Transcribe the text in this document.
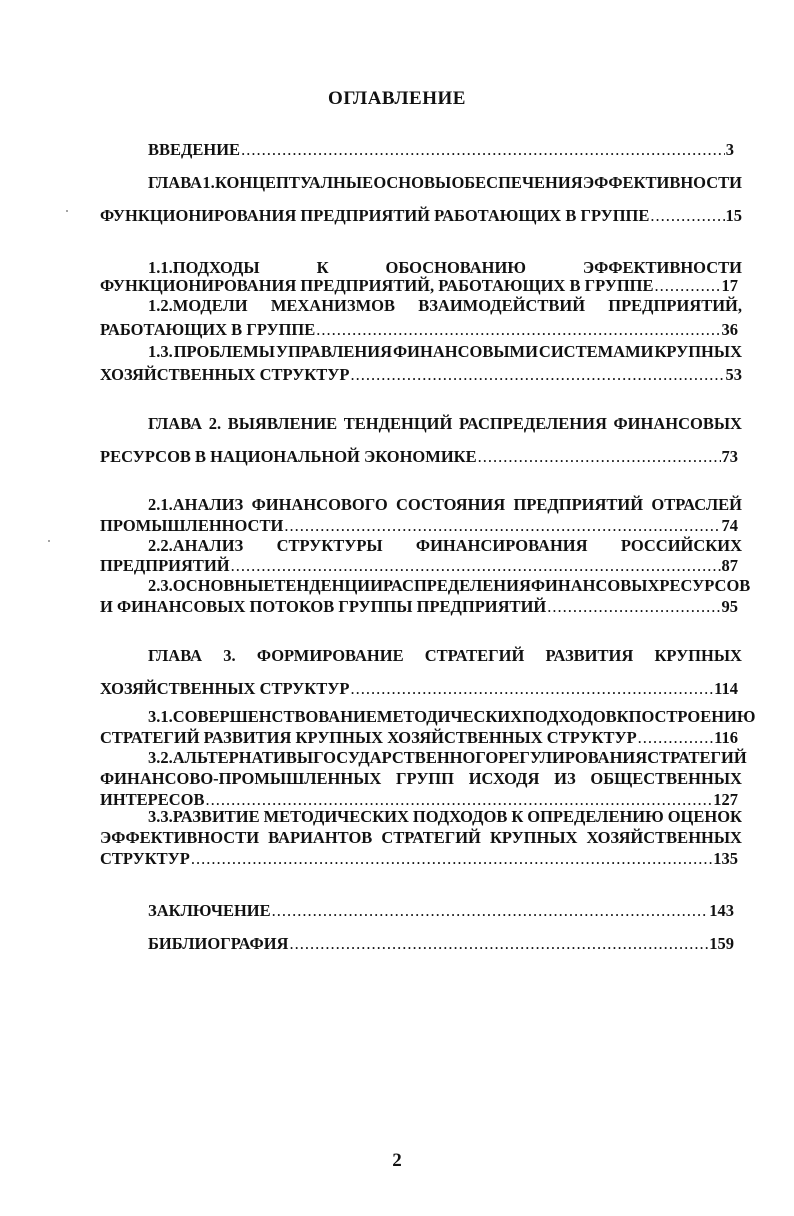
ОГЛАВЛЕНИЕ
ВВЕДЕНИЕ .....	3
ГЛАВА 1. КОНЦЕПТУАЛНЫЕ ОСНОВЫ ОБЕСПЕЧЕНИЯ ЭФФЕКТИВНОСТИ
ФУНКЦИОНИРОВАНИЯ ПРЕДПРИЯТИЙ РАБОТАЮЩИХ В ГРУППЕ .....	15
1.1.ПОДХОДЫ	К	ОБОСНОВАНИЮ	ЭФФЕКТИВНОСТИ
ФУНКЦИОНИРОВАНИЯ ПРЕДПРИЯТИЙ, РАБОТАЮЩИХ В ГРУППЕ .....	17
1.2.МОДЕЛИ МЕХАНИЗМОВ ВЗАИМОДЕЙСТВИЙ ПРЕДПРИЯТИЙ,
РАБОТАЮЩИХ В ГРУППЕ .....	36
1.3. ПРОБЛЕМЫ УПРАВЛЕНИЯ ФИНАНСОВЫМИ СИСТЕМАМИ КРУПНЫХ
ХОЗЯЙСТВЕННЫХ СТРУКТУР .....	53
ГЛАВА 2. ВЫЯВЛЕНИЕ ТЕНДЕНЦИЙ РАСПРЕДЕЛЕНИЯ ФИНАНСОВЫХ
РЕСУРСОВ В НАЦИОНАЛЬНОЙ ЭКОНОМИКЕ .....	73
2.1.АНАЛИЗ ФИНАНСОВОГО СОСТОЯНИЯ ПРЕДПРИЯТИЙ ОТРАСЛЕЙ
ПРОМЫШЛЕННОСТИ .....	74
2.2.АНАЛИЗ СТРУКТУРЫ ФИНАНСИРОВАНИЯ РОССИЙСКИХ
ПРЕДПРИЯТИЙ .....	87
2.3.ОСНОВНЫЕ ТЕНДЕНЦИИ РАСПРЕДЕЛЕНИЯ ФИНАНСОВЫХ РЕСУРСОВ
И ФИНАНСОВЫХ ПОТОКОВ ГРУППЫ ПРЕДПРИЯТИЙ .....	95
ГЛАВА 3. ФОРМИРОВАНИЕ СТРАТЕГИЙ РАЗВИТИЯ КРУПНЫХ
ХОЗЯЙСТВЕННЫХ СТРУКТУР .....	114
3.1.СОВЕРШЕНСТВОВАНИЕ МЕТОДИЧЕСКИХ ПОДХОДОВ К ПОСТРОЕНИЮ
СТРАТЕГИЙ РАЗВИТИЯ КРУПНЫХ ХОЗЯЙСТВЕННЫХ СТРУКТУР .....	116
3.2.АЛЬТЕРНАТИВЫ ГОСУДАРСТВЕННОГО РЕГУЛИРОВАНИЯ СТРАТЕГИЙ
ФИНАНСОВО-ПРОМЫШЛЕННЫХ ГРУПП ИСХОДЯ ИЗ ОБЩЕСТВЕННЫХ
ИНТЕРЕСОВ .....	127
3.3.РАЗВИТИЕ МЕТОДИЧЕСКИХ ПОДХОДОВ К ОПРЕДЕЛЕНИЮ ОЦЕНОК
ЭФФЕКТИВНОСТИ ВАРИАНТОВ СТРАТЕГИЙ КРУПНЫХ ХОЗЯЙСТВЕННЫХ
СТРУКТУР .....	135
ЗАКЛЮЧЕНИЕ .....	143
БИБЛИОГРАФИЯ .....	159
2
